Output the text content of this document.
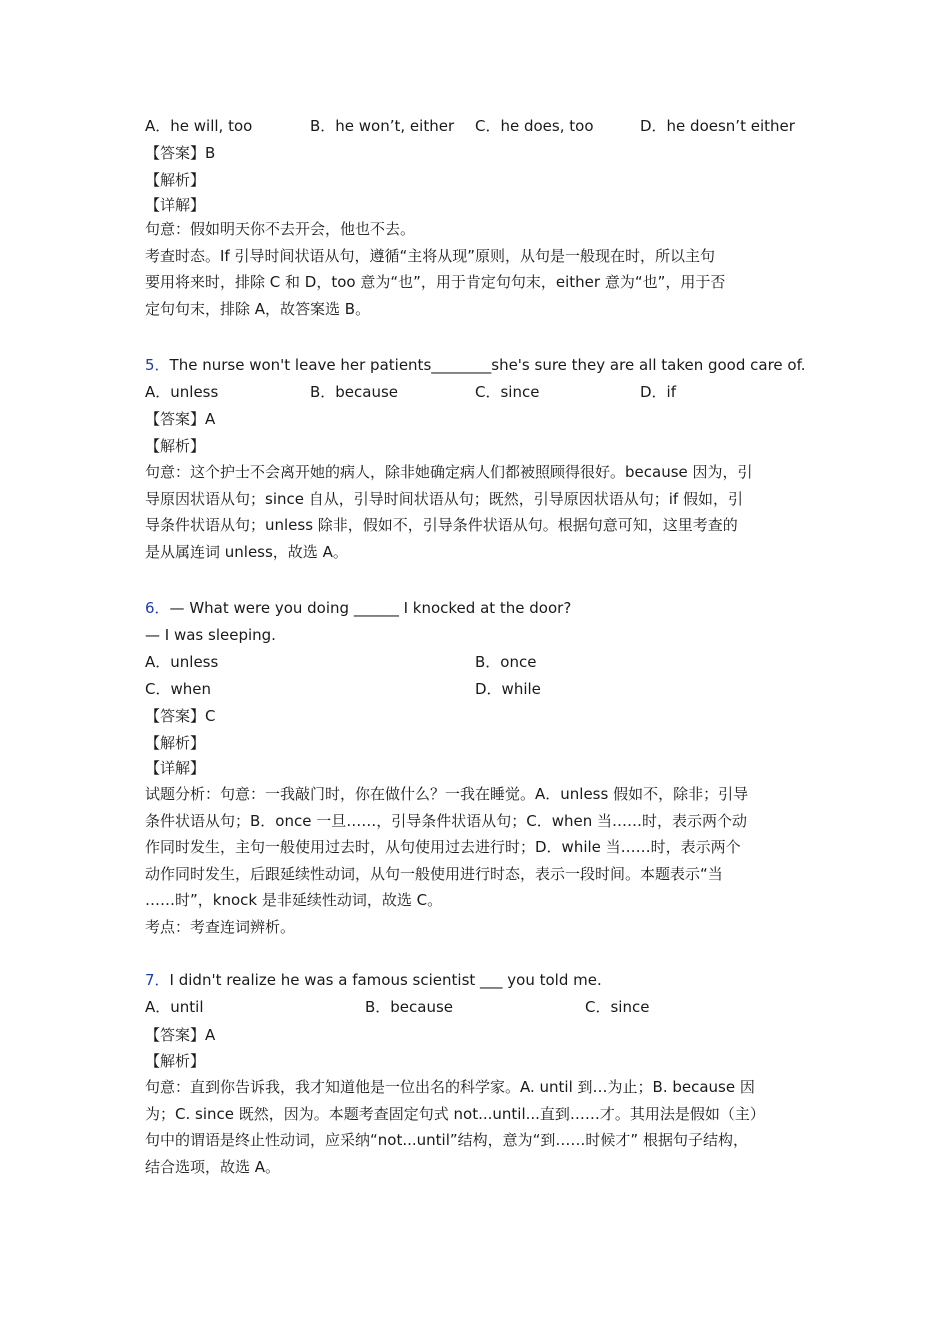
A．he will, too	B．he won’t, either C．he does, too	D．he doesn’t either
【答案】B
【解析】
【详解】
句意：假如明天你不去开会，他也不去。
考查时态。If 引导时间状语从句，遵循“主将从现”原则，从句是一般现在时，所以主句
要用将来时，排除 C 和 D，too 意为“也”，用于肯定句句末，either 意为“也”，用于否
定句句末，排除 A，故答案选 B。
5．The nurse won't leave her patients________she's sure they are all taken good care of.
A．unless	B．because	C．since	D．if
【答案】A
【解析】
句意：这个护士不会离开她的病人，除非她确定病人们都被照顾得很好。because 因为，引
导原因状语从句；since 自从，引导时间状语从句；既然，引导原因状语从句；if 假如，引
导条件状语从句；unless 除非，假如不，引导条件状语从句。根据句意可知，这里考查的
是从属连词 unless，故选 A。
6．— What were you doing ______ I knocked at the door?
— I was sleeping.
A．unless	B．once
C．when	D．while
【答案】C
【解析】
【详解】
试题分析：句意：一我敲门时，你在做什么？一我在睡觉。A．unless 假如不，除非；引导
条件状语从句；B．once 一旦……，引导条件状语从句；C．when 当……时，表示两个动
作同时发生，主句一般使用过去时，从句使用过去进行时；D．while 当……时，表示两个
动作同时发生，后跟延续性动词，从句一般使用进行时态，表示一段时间。本题表示“当
……时”，knock 是非延续性动词，故选 C。
考点：考查连词辨析。
7．I didn't realize he was a famous scientist ___ you told me.
A．until	B．because	C．since
【答案】A
【解析】
句意：直到你告诉我，我才知道他是一位出名的科学家。A. until 到…为止；B. because 因
为；C. since 既然，因为。本题考查固定句式 not...until...直到……才。其用法是假如（主）
句中的谓语是终止性动词，应采纳“not...until”结构，意为“到……时候才” 根据句子结构，
结合选项，故选 A。
